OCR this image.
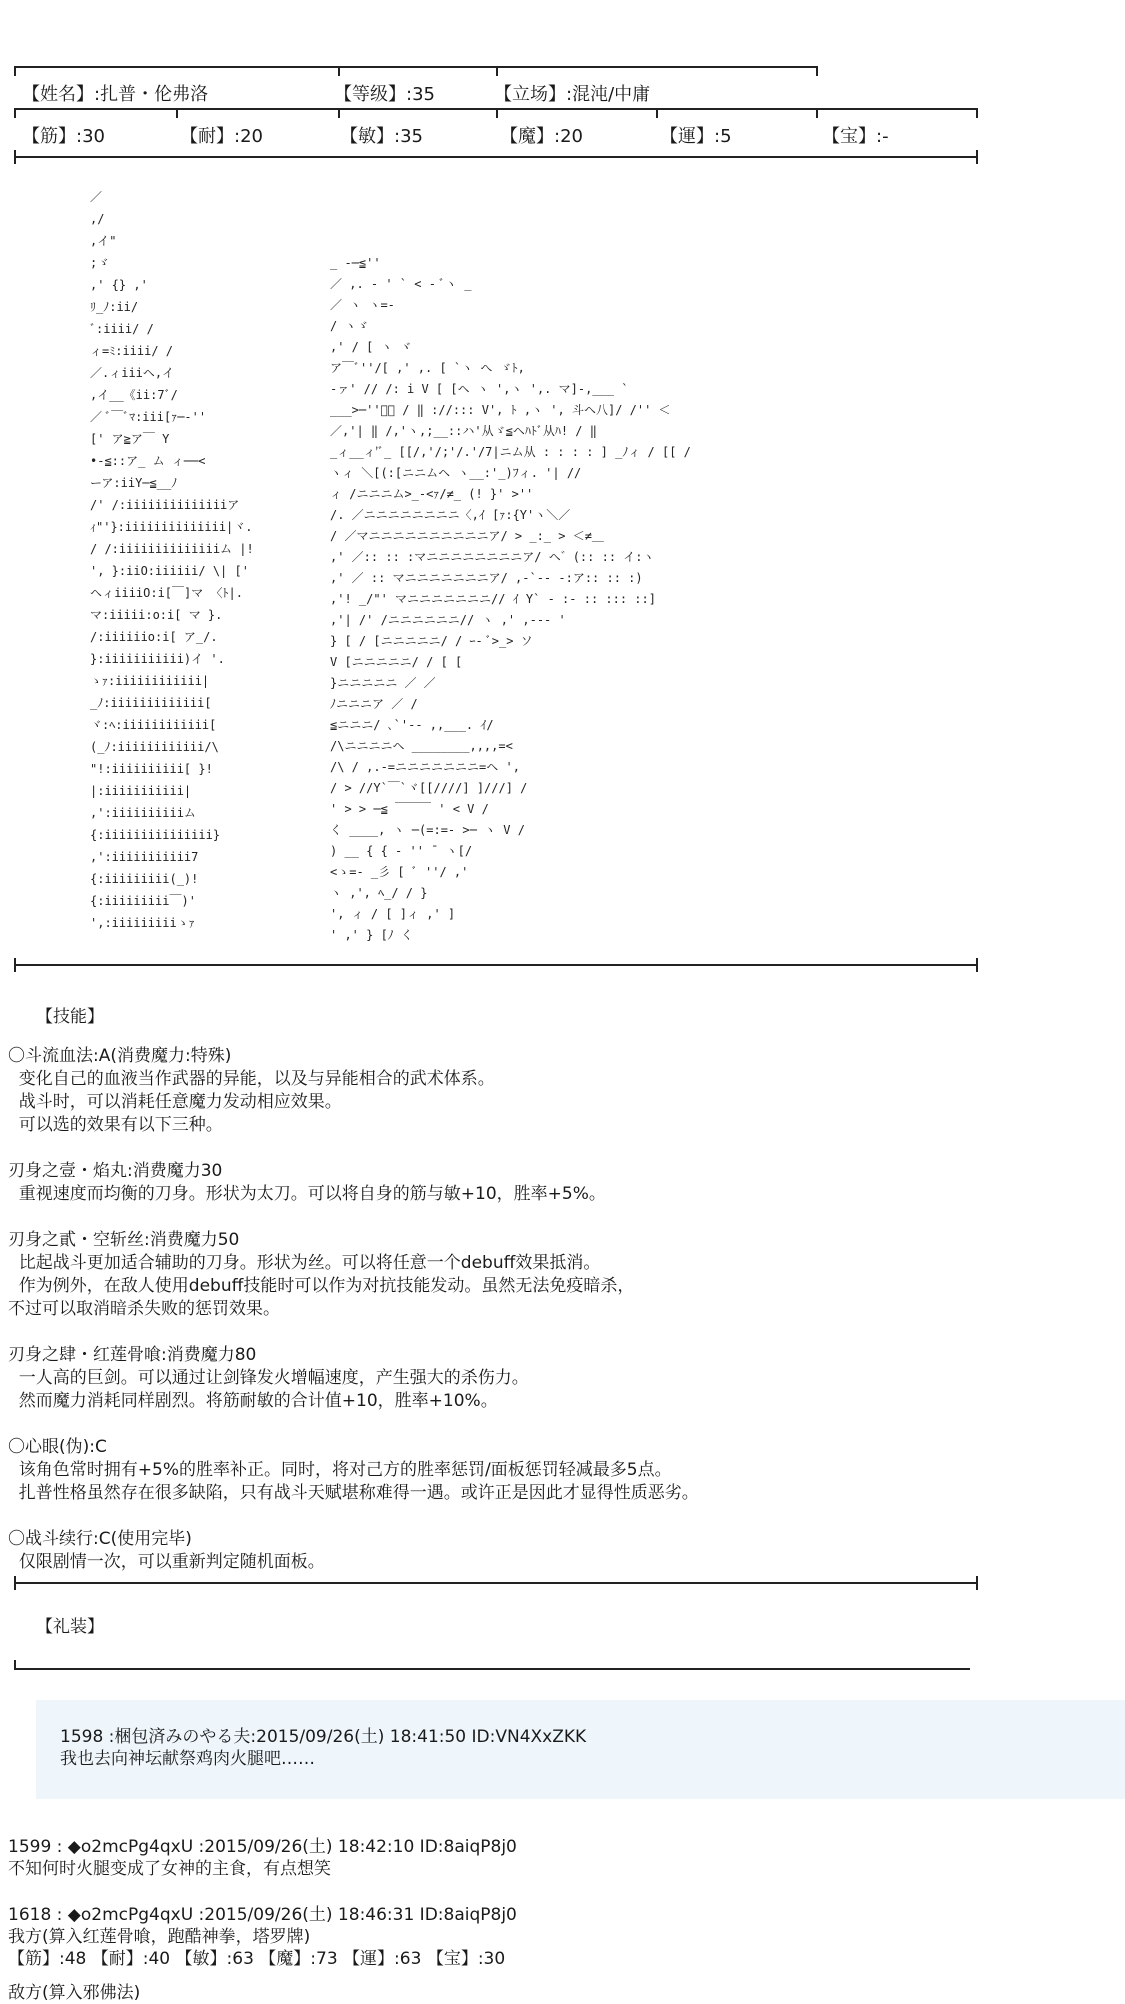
【姓名】:扎普・伦弗洛	【等级】:35	【立场】:混沌/中庸
【筋】:30	【耐】:20	【敏】:35	【魔】:20	【運】:5	【宝】:-
／
,/
,イ"
;ゞ
,' {} ,'
ﾘ_ﾉ:ii/
ﾞ:iiii/ /
ィ=ﾐ:iiii/ /
／.ィiiiヘ,イ
,イ__《ii:7ﾞ/
／ ﾞ￣ﾞﾏ:iii[ｧ─‐''
[' ア≧ア￣ Y
•-≦::ア_ ム ィ──<
ーア:iiY─≦__ﾉ
/' /:iiiiiiiiiiiiiiア
ｨ"'}:iiiiiiiiiiiiii|ヾ.
/ /:iiiiiiiiiiiiiiム |!
', }:iiO:iiiiii/ \| ['
ヘィiiiiO:i[￣]マ 〈ﾄ|.
マ:iiiii:o:i[ マ }.
/:iiiiiio:i[ ア_/.
}:iiiiiiiiiii)イ '.
ゝｧ:iiiiiiiiiiii|
_ﾉ:iiiiiiiiiiiii[
ヾ:ﾍ:iiiiiiiiiiii[
(_ﾉ:iiiiiiiiiiii/\
"!:iiiiiiiiii[ }!
|:iiiiiiiiiii|
,':iiiiiiiiiiム
{:iiiiiiiiiiiiiii}
,':iiiiiiiiiii7
{:iiiiiiiii(_)!
{:iiiiiiiii￣)'
',:iiiiiiiiiゝｧ
_ -─≦''
／ ,. - ' ` < ‐ ﾞヽ _
／ ヽ ヽ=-
/ ヽゞ
,' / [ ヽ ヾ
ア￣ﾞ''/[ ,' ,. [ `ヽ へ ゞﾄ,
-ァ' // /: i V [ [ヘ ヽ ',ヽ ',. マ]-,___ `
___>─''ﾞ／ / ‖ ://::: V', ﾄ ,ヽ ', 斗ヘ八]/ /'' ＜
／,'| ‖ /,'ヽ,;__::ハ'从ゞ≦ヘﾊﾄﾞ从ﾊ! / ‖
_ィ__ィ'ﾞ_ [[/,'/;'/.'/7|ニム从 : : : : ] _ﾉィ / [[ /
ヽィ ＼[(:[ニニムヘ ヽ__:'_)ﾌィ. '| //
ィ /ニニニム>_-<ｧ/≠_ (! }' >''
/. ／ニニニニニニニニ〈,ｲ [ｧ:{Y'ヽ＼／
/ ／マニニニニニニニニニニア/ > _:_ > ＜≠＿
,' ／:: :: :マニニニニニニニニア/ ヘ゛(:: :: イ:ヽ
,' ／ :: マニニニニニニニア/ ,-`-‐ -:ア:: :: :)
,'! _/"' マニニニニニニニ// ｲ Y` ‐ :‐ :: ::: ::]
,'| /' /ニニニニニニ// ヽ ,' ,‐-‐ '
} [ / [ニニニニニ/ / ｰ- ﾞ>_> ソ
V [ニニニニニ/ / [ [
}ニニニニニ ／ ／
ﾉニニニア ／ /
≦ニニニ/ ､`'-- ,,___. ｲ/
/\ニニニニヘ ________,,,,=<
/\ / ,.-=ニニニニニニニ=ヘ ',
/ > //Y`￣`ヾ[[////] ]///] /
' > > ─≦ ￣￣￣ ' < V /
く ____, ヽ ─(=:=- >─ ヽ V /
) __ { { ‐ '' ¯ ヽ[/
<ゝ=- _彡 [ ﾞ ''/ ,'
ヽ ,', ﾍ_/ / }
', ィ / [ ]ィ ,' ]
' ,' } [ﾉ く
【技能】
〇斗流血法:A(消费魔力:特殊)
变化自己的血液当作武器的异能，以及与异能相合的武术体系。
战斗时，可以消耗任意魔力发动相应效果。
可以选的效果有以下三种。
刃身之壹・焰丸:消费魔力30
重视速度而均衡的刀身。形状为太刀。可以将自身的筋与敏+10，胜率+5%。
刃身之貳・空斩丝:消费魔力50
比起战斗更加适合辅助的刀身。形状为丝。可以将任意一个debuff效果抵消。
作为例外，在敌人使用debuff技能时可以作为对抗技能发动。虽然无法免疫暗杀，
不过可以取消暗杀失败的惩罚效果。
刃身之肆・红莲骨喰:消费魔力80
一人高的巨剑。可以通过让剑锋发火增幅速度，产生强大的杀伤力。
然而魔力消耗同样剧烈。将筋耐敏的合计值+10，胜率+10%。
〇心眼(伪):C
该角色常时拥有+5%的胜率补正。同时，将对己方的胜率惩罚/面板惩罚轻减最多5点。
扎普性格虽然存在很多缺陷，只有战斗天赋堪称难得一遇。或许正是因此才显得性质恶劣。
〇战斗续行:C(使用完毕)
仅限剧情一次，可以重新判定随机面板。
【礼装】
1598 :梱包済みのやる夫:2015/09/26(土) 18:41:50 ID:VN4XxZKK
我也去向神坛献祭鸡肉火腿吧……
1599 : ◆o2mcPg4qxU :2015/09/26(土) 18:42:10 ID:8aiqP8j0
不知何时火腿变成了女神的主食，有点想笑
1618 : ◆o2mcPg4qxU :2015/09/26(土) 18:46:31 ID:8aiqP8j0
我方(算入红莲骨喰，跑酷神拳，塔罗牌)
【筋】:48 【耐】:40 【敏】:63 【魔】:73 【運】:63 【宝】:30
敌方(算入邪佛法)
